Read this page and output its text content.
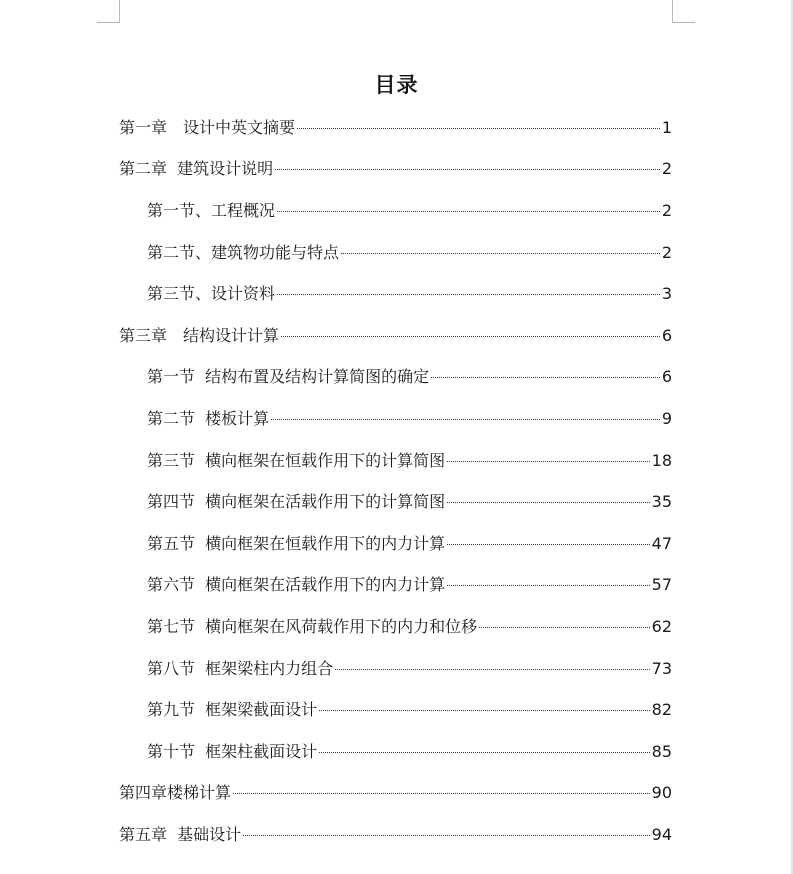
目录
第一章　设计中英文摘要	1
第二章  建筑设计说明	2
第一节、工程概况	2
第二节、建筑物功能与特点	2
第三节、设计资料	3
第三章　结构设计计算	6
第一节  结构布置及结构计算简图的确定	6
第二节  楼板计算	9
第三节  横向框架在恒载作用下的计算简图	18
第四节  横向框架在活载作用下的计算简图	35
第五节  横向框架在恒载作用下的内力计算	47
第六节  横向框架在活载作用下的内力计算	57
第七节  横向框架在风荷载作用下的内力和位移	62
第八节  框架梁柱内力组合	73
第九节  框架梁截面设计	82
第十节  框架柱截面设计	85
第四章楼梯计算	90
第五章  基础设计	94
